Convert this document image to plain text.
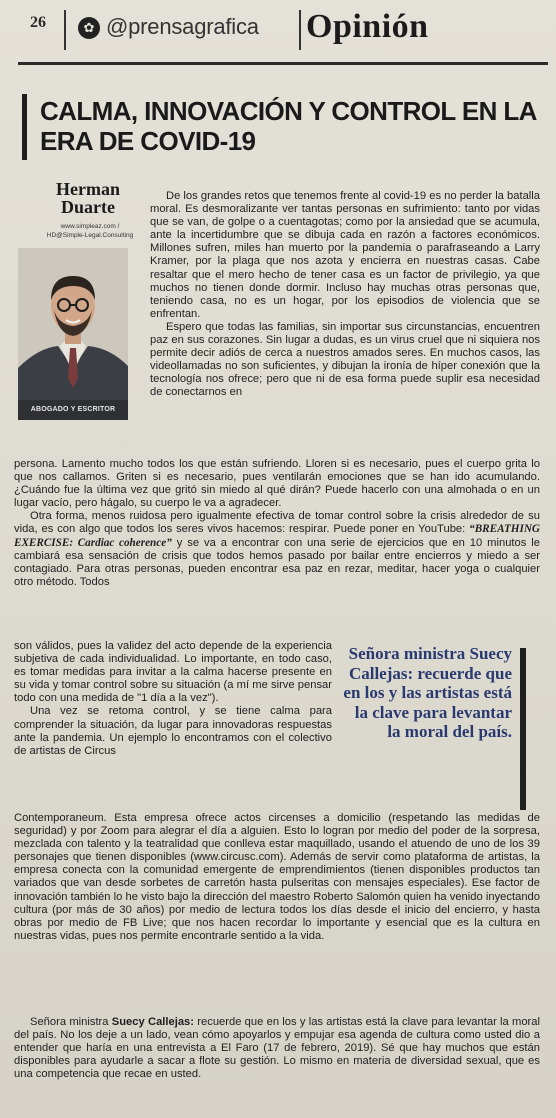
26	✿ @prensagrafica Opinión
CALMA, INNOVACIÓN Y CONTROL EN LA ERA DE COVID-19
Herman
Duarte
www.simpleaz.com /
HD@Simple-Legal.Consulting
ABOGADO Y ESCRITOR

De los grandes retos que tenemos frente al covid-19 es no perder la batalla moral. Es desmoralizante ver tantas personas en sufrimiento: tanto por vidas que se van, de golpe o a cuentagotas; como por la ansiedad que se acumula, ante la incertidumbre que se dibuja cada en razón a factores económicos. Millones sufren, miles han muerto por la pandemia o parafraseando a Larry Kramer, por la plaga que nos azota y encierra en nuestras casas. Cabe resaltar que el mero hecho de tener casa es un factor de privilegio, ya que muchos no tienen donde dormir. Incluso hay muchas otras personas que, teniendo casa, no es un hogar, por los episodios de violencia que se enfrentan.

Espero que todas las familias, sin importar sus circunstancias, encuentren paz en sus corazones. Sin lugar a dudas, es un virus cruel que ni siquiera nos permite decir adiós de cerca a nuestros amados seres. En muchos casos, las videollamadas no son suficientes, y dibujan la ironía de híper conexión que la tecnología nos ofrece; pero que ni de esa forma puede suplir esa necesidad de conectarnos en

persona. Lamento mucho todos los que están sufriendo. Lloren si es necesario, pues el cuerpo grita lo que nos callamos. Griten si es necesario, pues ventilarán emociones que se han ido acumulando. ¿Cuándo fue la última vez que gritó sin miedo al qué dirán? Puede hacerlo con una almohada o en un lugar vacío, pero hágalo, su cuerpo le va a agradecer.

Otra forma, menos ruidosa pero igualmente efectiva de tomar control sobre la crisis alrededor de su vida, es con algo que todos los seres vivos hacemos: respirar. Puede poner en YouTube: “BREATHING EXERCISE: Cardiac coherence” y se va a encontrar con una serie de ejercicios que en 10 minutos le cambiará esa sensación de crisis que todos hemos pasado por bailar entre encierros y miedo a ser contagiado. Para otras personas, pueden encontrar esa paz en rezar, meditar, hacer yoga o cualquier otro método. Todos

son válidos, pues la validez del acto depende de la experiencia subjetiva de cada individualidad. Lo importante, en todo caso, es tomar medidas para invitar a la calma hacerse presente en su vida y tomar control sobre su situación (a mí me sirve pensar todo con una medida de "1 día a la vez").

Una vez se retoma control, y se tiene calma para comprender la situación, da lugar para innovadoras respuestas ante la pandemia. Un ejemplo lo encontramos con el colectivo de artistas de Circus

Señora ministra Suecy Callejas: recuerde que en los y las artistas está la clave para levantar la moral del país.

Contemporaneum. Esta empresa ofrece actos circenses a domicilio (respetando las medidas de seguridad) y por Zoom para alegrar el día a alguien. Esto lo logran por medio del poder de la sorpresa, mezclada con talento y la teatralidad que conlleva estar maquillado, usando el atuendo de uno de los 39 personajes que tienen disponibles (www.circusc.com). Además de servir como plataforma de artistas, la empresa conecta con la comunidad emergente de emprendimientos (tienen disponibles productos tan variados que van desde sorbetes de carretón hasta pulseritas con mensajes especiales). Ese factor de innovación también lo he visto bajo la dirección del maestro Roberto Salomón quien ha venido inyectando cultura (por más de 30 años) por medio de lectura todos los días desde el inicio del encierro, y hasta obras por medio de FB Live; que nos hacen recordar lo importante y esencial que es la cultura en nuestras vidas, pues nos permite encontrarle sentido a la vida.

Señora ministra Suecy Callejas: recuerde que en los y las artistas está la clave para levantar la moral del país. No los deje a un lado, vean cómo apoyarlos y empujar esa agenda de cultura como usted dio a entender que haría en una entrevista a El Faro (17 de febrero, 2019). Sé que hay muchos que están disponibles para ayudarle a sacar a flote su gestión. Lo mismo en materia de diversidad sexual, que es una competencia que recae en usted.
